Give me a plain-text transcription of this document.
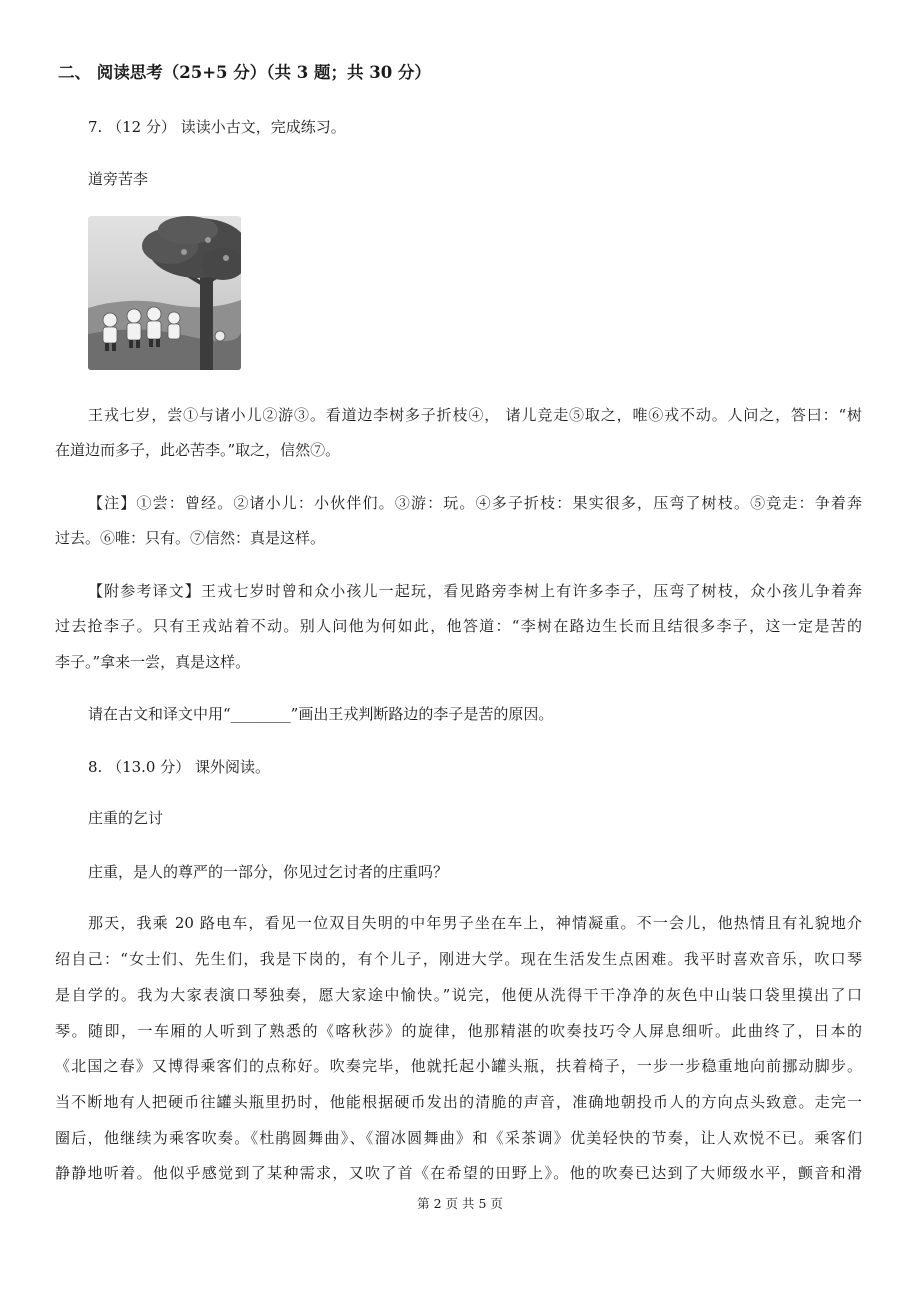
二、 阅读思考（25+5 分）（共 3 题；共 30 分）
7. （12 分） 读读小古文，完成练习。
道旁苦李
王戎七岁，尝①与诸小儿②游③。看道边李树多子折枝④， 诸儿竞走⑤取之，唯⑥戎不动。人问之，答曰：“树
在道边而多子，此必苦李。”取之，信然⑦。
【注】①尝：曾经。②诸小儿：小伙伴们。③游：玩。④多子折枝：果实很多，压弯了树枝。⑤竞走：争着奔
过去。⑥唯：只有。⑦信然：真是这样。
【附参考译文】王戎七岁时曾和众小孩儿一起玩，看见路旁李树上有许多李子，压弯了树枝，众小孩儿争着奔
过去抢李子。只有王戎站着不动。别人问他为何如此，他答道：“李树在路边生长而且结很多李子，这一定是苦的
李子。”拿来一尝，真是这样。
请在古文和译文中用“________”画出王戎判断路边的李子是苦的原因。
8. （13.0 分） 课外阅读。
庄重的乞讨
庄重，是人的尊严的一部分，你见过乞讨者的庄重吗？
那天，我乘 20 路电车，看见一位双目失明的中年男子坐在车上，神情凝重。不一会儿，他热情且有礼貌地介
绍自己：“女士们、先生们，我是下岗的，有个儿子，刚进大学。现在生活发生点困难。我平时喜欢音乐，吹口琴
是自学的。我为大家表演口琴独奏，愿大家途中愉快。”说完，他便从洗得干干净净的灰色中山装口袋里摸出了口
琴。随即，一车厢的人听到了熟悉的《喀秋莎》的旋律，他那精湛的吹奏技巧令人屏息细听。此曲终了，日本的
《北国之春》又博得乘客们的点称好。吹奏完毕，他就托起小罐头瓶，扶着椅子，一步一步稳重地向前挪动脚步。
当不断地有人把硬币往罐头瓶里扔时，他能根据硬币发出的清脆的声音，准确地朝投币人的方向点头致意。走完一
圈后，他继续为乘客吹奏。《杜鹃圆舞曲》、《溜冰圆舞曲》和《采茶调》优美轻快的节奏，让人欢悦不已。乘客们
静静地听着。他似乎感觉到了某种需求，又吹了首《在希望的田野上》。他的吹奏已达到了大师级水平，颤音和滑
第 2 页 共 5 页
